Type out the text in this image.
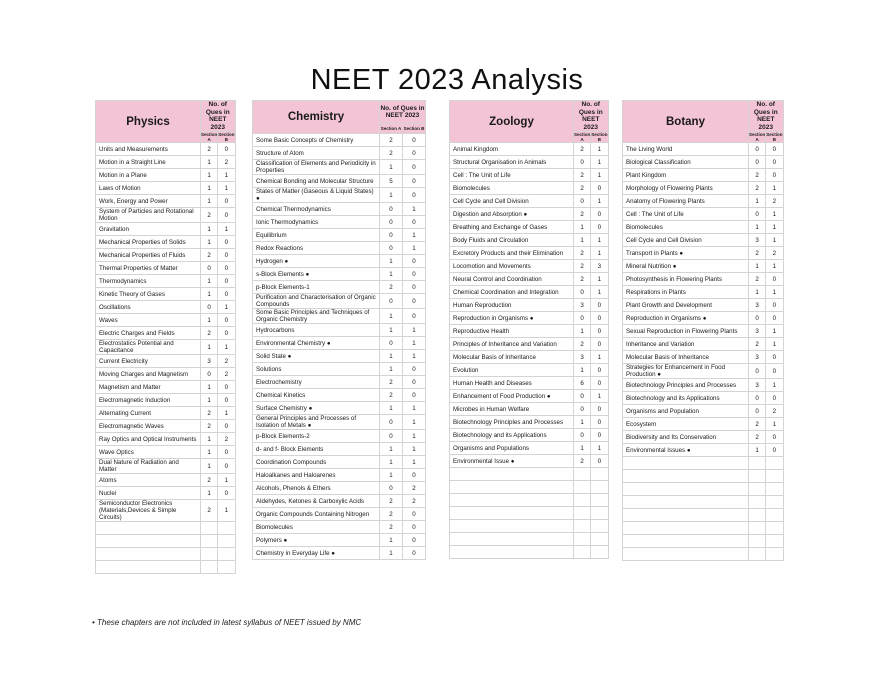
NEET 2023 Analysis
Physics	No. of Ques in NEET 2023	
	Section A	Section B
Units and Measurements	2	0
Motion in a Straight Line	1	2
Motion in a Plane	1	1
Laws of Motion	1	1
Work, Energy and Power	1	0
System of Particles and Rotational Motion	2	0
Gravitation	1	1
Mechanical Properties of Solids	1	0
Mechanical Properties of Fluids	2	0
Thermal Properties of Matter	0	0
Thermodynamics	1	0
Kinetic Theory of Gases	1	0
Oscillations	0	1
Waves	1	0
Electric Charges and Fields	2	0
Electrostatics Potential and Capacitance	1	1
Current Electricity	3	2
Moving Charges and Magnetism	0	2
Magnetism and Matter	1	0
Electromagnetic Induction	1	0
Alternating Current	2	1
Electromagnetic Waves	2	0
Ray Optics and Optical Instruments	1	2
Wave Optics	1	0
Dual Nature of Radiation and Matter	1	0
Atoms	2	1
Nuclei	1	0
Semiconductor Electronics (Materials,Devices & Simple Circuits)	2	1

Chemistry	No. of Ques in NEET 2023	
	Section A	Section B
Some Basic Concepts of Chemistry	2	0
Structure of Atom	2	0
Classification of Elements and Periodicity in Properties	1	0
Chemical Bonding and Molecular Structure	5	0
States of Matter (Gaseous & Liquid States) ●	1	0
Chemical Thermodynamics	0	1
Ionic Thermodynamics	0	0
Equilibrium	0	1
Redox Reactions	0	1
Hydrogen ●	1	0
s-Block Elements ●	1	0
p-Block Elements-1	2	0
Purification and Characterisation of Organic Compounds	0	0
Some Basic Principles and Techniques of Organic Chemistry	1	0
Hydrocarbons	1	1
Environmental Chemistry ●	0	1
Solid State ●	1	1
Solutions	1	0
Electrochemistry	2	0
Chemical Kinetics	2	0
Surface Chemistry ●	1	1
General Principles and Processes of Isolation of Metals ●	0	1
p-Block Elements-2	0	1
d- and f- Block Elements	1	1
Coordination Compounds	1	1
Haloalkanes and Haloarenes	1	0
Alcohols, Phenols & Ethers	0	2
Aldehydes, Ketones & Carboxylic Acids	2	2
Organic Compounds Containing Nitrogen	2	0
Biomolecules	2	0
Polymers ●	1	0
Chemistry in Everyday Life ●	1	0
Zoology	No. of Ques in NEET 2023	
	Section A	Section B
Animal Kingdom	2	1
Structural Organisation in Animals	0	1
Cell : The Unit of Life	2	1
Biomolecules	2	0
Cell Cycle and Cell Division	0	1
Digestion and Absorption ●	2	0
Breathing and Exchange of Gases	1	0
Body Fluids and Circulation	1	1
Excretory Products and their Elimination	2	1
Locomotion and Movements	2	3
Neural Control and Coordination	2	1
Chemical Coordination and Integration	0	1
Human Reproduction	3	0
Reproduction in Organisms ●	0	0
Reproductive Health	1	0
Principles of Inheritance and Variation	2	0
Molecular Basis of Inheritance	3	1
Evolution	1	0
Human Health and Diseases	6	0
Enhancement of Food Production ●	0	1
Microbes in Human Welfare	0	0
Biotechnology Principles and Processes	1	0
Biotechnology and its Applications	0	0
Organisms and Populations	1	1
Environmental Issue ●	2	0

Botany	No. of Ques in NEET 2023	
	Section A	Section B
The Living World	0	0
Biological Classification	0	0
Plant Kingdom	2	0
Morphology of Flowering Plants	2	1
Anatomy of Flowering Plants	1	2
Cell : The Unit of Life	0	1
Biomolecules	1	1
Cell Cycle and Cell Division	3	1
Transport in Plants ●	2	2
Mineral Nutrition ●	1	1
Photosynthesis in Flowering Plants	2	0
Respirations in Plants	1	1
Plant Growth and Development	3	0
Reproduction in Organisms ●	0	0
Sexual Reproduction in Flowering Plants	3	1
Inheritance and Variation	2	1
Molecular Basis of Inheritance	3	0
Strategies for Enhancement in Food Production ●	0	0
Biotechnology Principles and Processes	3	1
Biotechnology and its Applications	0	0
Organisms and Population	0	2
Ecosystem	2	1
Biodiversity and Its Conservation	2	0
Environmental Issues ●	1	0

• These chapters are not included in latest syllabus of NEET issued by NMC
